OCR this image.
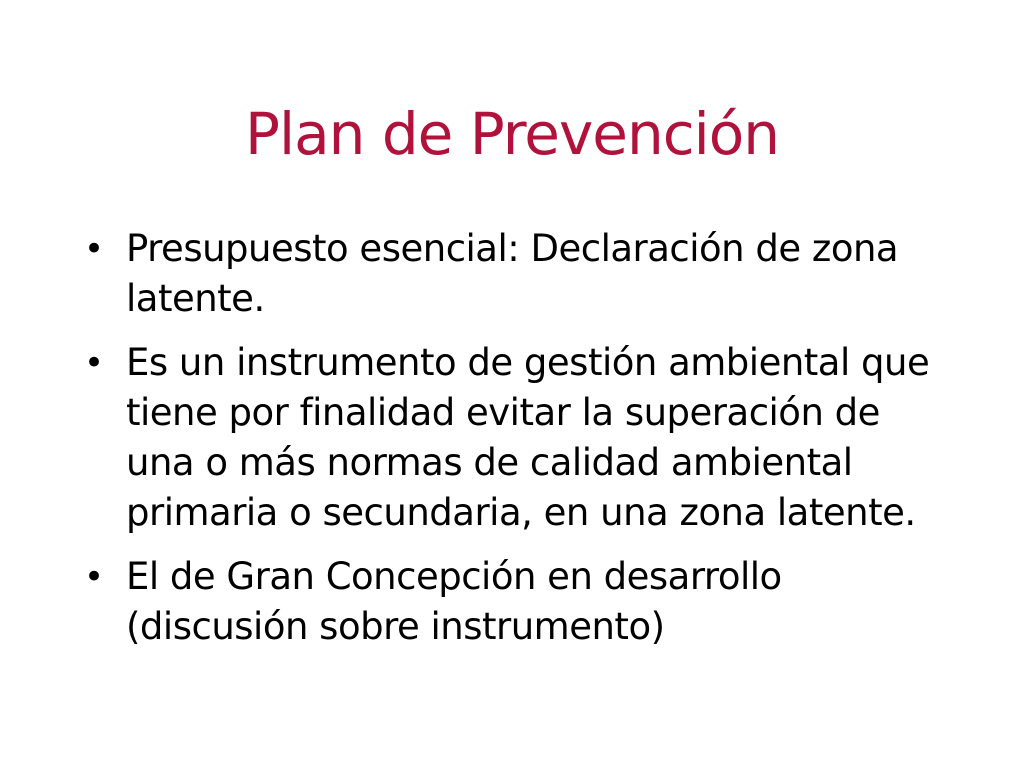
Plan de Prevención
• Presupuesto esencial: Declaración de zona latente.
• Es un instrumento de gestión ambiental que tiene por finalidad evitar la superación de una o más normas de calidad ambiental primaria o secundaria, en una zona latente.
• El de Gran Concepción en desarrollo (discusión sobre instrumento)
